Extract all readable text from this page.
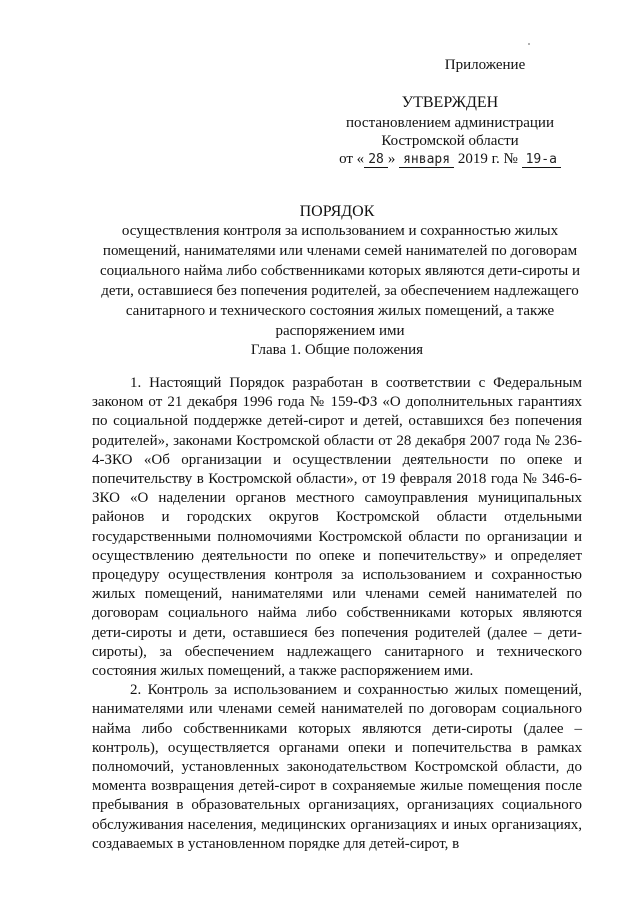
Приложение
УТВЕРЖДЕН
постановлением администрации
Костромской области
от « 28 » января 2019 г. № 19-а
ПОРЯДОК
осуществления контроля за использованием и сохранностью жилых помещений, нанимателями или членами семей нанимателей по договорам социального найма либо собственниками которых являются дети-сироты и дети, оставшиеся без попечения родителей, за обеспечением надлежащего санитарного и технического состояния жилых помещений, а также распоряжением ими
Глава 1. Общие положения

1. Настоящий Порядок разработан в соответствии с Федеральным законом от 21 декабря 1996 года № 159-ФЗ «О дополнительных гарантиях по социальной поддержке детей-сирот и детей, оставшихся без попечения родителей», законами Костромской области от 28 декабря 2007 года № 236-4-ЗКО «Об организации и осуществлении деятельности по опеке и попечительству в Костромской области», от 19 февраля 2018 года № 346-6-ЗКО «О наделении органов местного самоуправления муниципальных районов и городских округов Костромской области отдельными государственными полномочиями Костромской области по организации и осуществлению деятельности по опеке и попечительству» и определяет процедуру осуществления контроля за использованием и сохранностью жилых помещений, нанимателями или членами семей нанимателей по договорам социального найма либо собственниками которых являются дети-сироты и дети, оставшиеся без попечения родителей (далее – дети-сироты), за обеспечением надлежащего санитарного и технического состояния жилых помещений, а также распоряжением ими.

2. Контроль за использованием и сохранностью жилых помещений, нанимателями или членами семей нанимателей по договорам социального найма либо собственниками которых являются дети-сироты (далее – контроль), осуществляется органами опеки и попечительства в рамках полномочий, установленных законодательством Костромской области, до момента возвращения детей-сирот в сохраняемые жилые помещения после пребывания в образовательных организациях, организациях социального обслуживания населения, медицинских организациях и иных организациях, создаваемых в установленном порядке для детей-сирот, в
